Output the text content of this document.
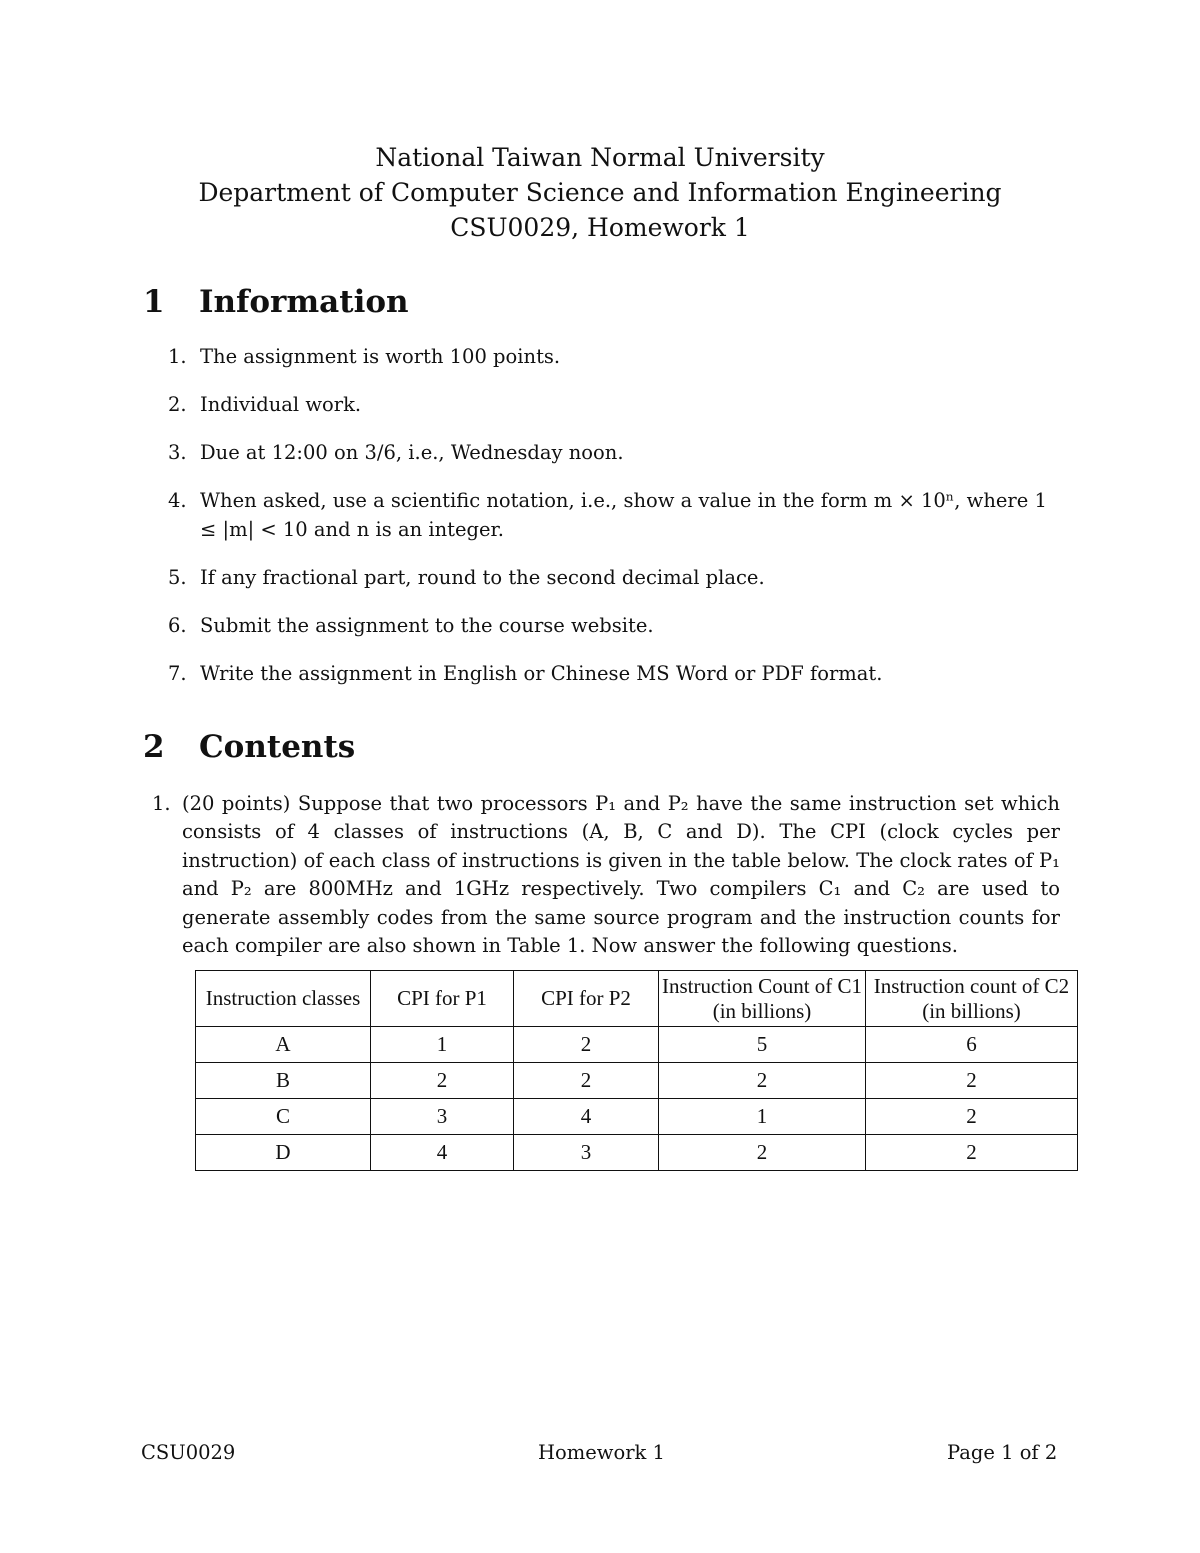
National Taiwan Normal University
Department of Computer Science and Information Engineering
CSU0029, Homework 1
1 Information
1. The assignment is worth 100 points.
2. Individual work.
3. Due at 12:00 on 3/6, i.e., Wednesday noon.
4. When asked, use a scientific notation, i.e., show a value in the form m × 10ⁿ, where 1 ≤ |m| < 10 and n is an integer.
5. If any fractional part, round to the second decimal place.
6. Submit the assignment to the course website.
7. Write the assignment in English or Chinese MS Word or PDF format.
2 Contents
1. (20 points) Suppose that two processors P₁ and P₂ have the same instruction set which consists of 4 classes of instructions (A, B, C and D). The CPI (clock cycles per instruction) of each class of instructions is given in the table below. The clock rates of P₁ and P₂ are 800MHz and 1GHz respectively. Two compilers C₁ and C₂ are used to generate assembly codes from the same source program and the instruction counts for each compiler are also shown in Table 1. Now answer the following questions.
Instruction classes	CPI for P1	CPI for P2	Instruction Count of C1 (in billions)	Instruction count of C2 (in billions)
A	1	2	5	6
B	2	2	2	2
C	3	4	1	2
D	4	3	2	2
CSU0029	Homework 1	Page 1 of 2
